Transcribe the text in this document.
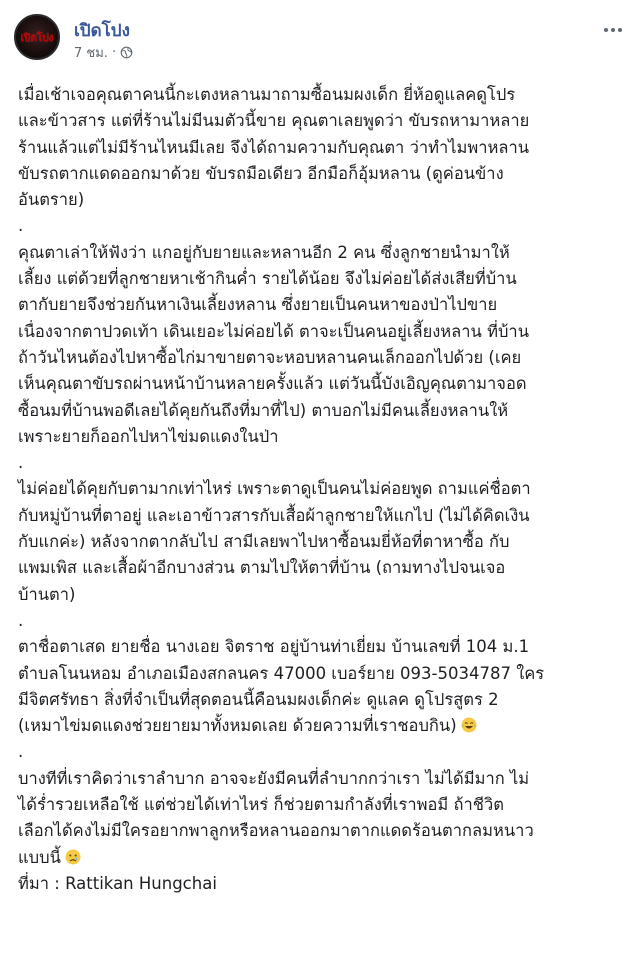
เปิดโปง เปิดโปง
7 ชม. ·
เมื่อเช้าเจอคุณตาคนนี้กะเตงหลานมาถามซื้อนมผงเด็ก ยี่ห้อดูแลคดูโปร
และข้าวสาร แต่ที่ร้านไม่มีนมตัวนี้ขาย คุณตาเลยพูดว่า ขับรถหามาหลาย
ร้านแล้วแต่ไม่มีร้านไหนมีเลย จึงได้ถามความกับคุณตา ว่าทำไมพาหลาน
ขับรถตากแดดออกมาด้วย ขับรถมือเดียว อีกมือก็อุ้มหลาน (ดูค่อนข้าง
อันตราย)
.
คุณตาเล่าให้ฟังว่า แกอยู่กับยายและหลานอีก 2 คน ซึ่งลูกชายนำมาให้
เลี้ยง แต่ด้วยที่ลูกชายหาเช้ากินค่ำ รายได้น้อย จึงไม่ค่อยได้ส่งเสียที่บ้าน
ตากับยายจึงช่วยกันหาเงินเลี้ยงหลาน ซึ่งยายเป็นคนหาของป่าไปขาย
เนื่องจากตาปวดเท้า เดินเยอะไม่ค่อยได้ ตาจะเป็นคนอยู่เลี้ยงหลาน ที่บ้าน
ถ้าวันไหนต้องไปหาซื้อไก่มาขายตาจะหอบหลานคนเล็กออกไปด้วย (เคย
เห็นคุณตาขับรถผ่านหน้าบ้านหลายครั้งแล้ว แต่วันนี้บังเอิญคุณตามาจอด
ซื้อนมที่บ้านพอดีเลยได้คุยกันถึงที่มาที่ไป) ตาบอกไม่มีคนเลี้ยงหลานให้
เพราะยายก็ออกไปหาไข่มดแดงในป่า
.
ไม่ค่อยได้คุยกับตามากเท่าไหร่ เพราะตาดูเป็นคนไม่ค่อยพูด ถามแค่ชื่อตา
กับหมู่บ้านที่ตาอยู่ และเอาข้าวสารกับเสื้อผ้าลูกชายให้แกไป (ไม่ได้คิดเงิน
กับแกค่ะ) หลังจากตากลับไป สามีเลยพาไปหาซื้อนมยี่ห้อที่ตาหาซื้อ กับ
แพมเพิส และเสื้อผ้าอีกบางส่วน ตามไปให้ตาที่บ้าน (ถามทางไปจนเจอ
บ้านตา)
.
ตาชื่อตาเสด ยายชื่อ นางเอย จิตราช อยู่บ้านท่าเยี่ยม บ้านเลขที่ 104 ม.1
ตำบลโนนหอม อำเภอเมืองสกลนคร 47000 เบอร์ยาย 093-5034787 ใคร
มีจิตศรัทธา สิ่งที่จำเป็นที่สุดตอนนี้คือนมผงเด็กค่ะ ดูแลค ดูโปรสูตร 2
(เหมาไข่มดแดงช่วยยายมาทั้งหมดเลย ด้วยความที่เราชอบกิน)
.
บางทีที่เราคิดว่าเราลำบาก อาจจะยังมีคนที่ลำบากกว่าเรา ไม่ได้มีมาก ไม่
ได้ร่ำรวยเหลือใช้ แต่ช่วยได้เท่าไหร่ ก็ช่วยตามกำลังที่เราพอมี ถ้าชีวิต
เลือกได้คงไม่มีใครอยากพาลูกหรือหลานออกมาตากแดดร้อนตากลมหนาว
แบบนี้
ที่มา : Rattikan Hungchai
